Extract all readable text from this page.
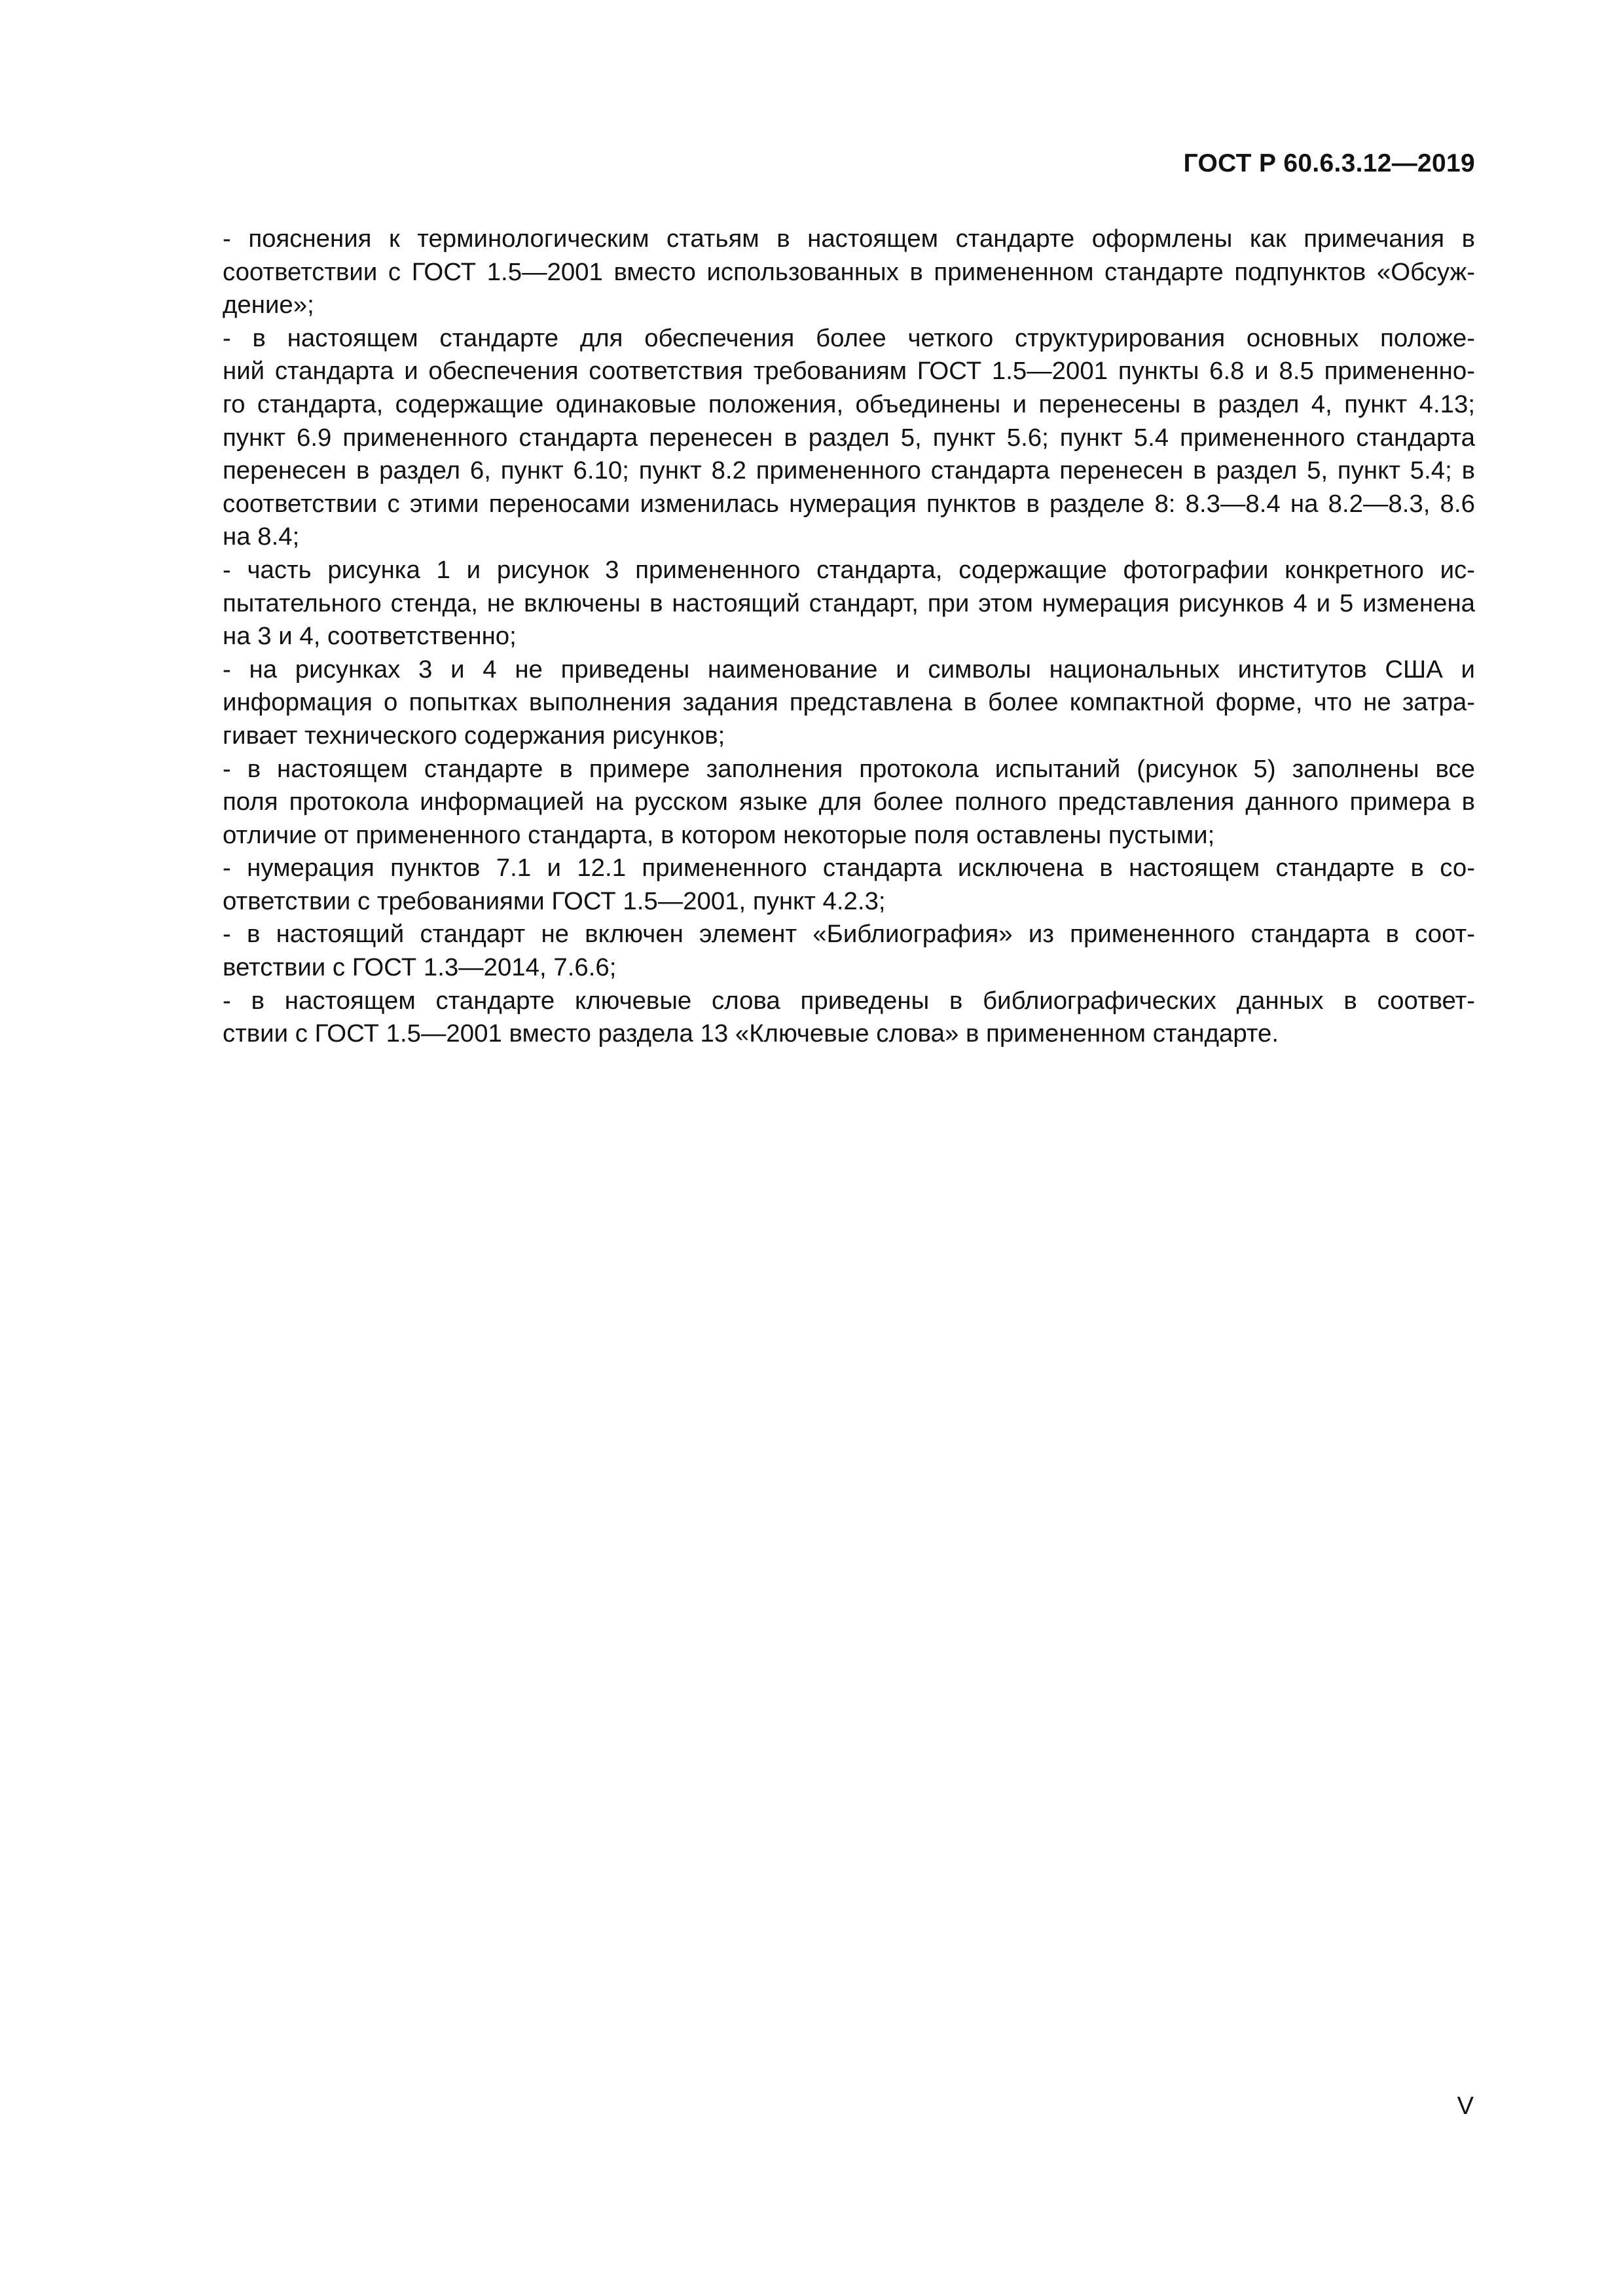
ГОСТ Р 60.6.3.12—2019
- пояснения к терминологическим статьям в настоящем стандарте оформлены как примечания в
соответствии с ГОСТ 1.5—2001 вместо использованных в примененном стандарте подпунктов «Обсуж-
дение»;
- в настоящем стандарте для обеспечения более четкого структурирования основных положе-
ний стандарта и обеспечения соответствия требованиям ГОСТ 1.5—2001 пункты 6.8 и 8.5 примененно-
го стандарта, содержащие одинаковые положения, объединены и перенесены в раздел 4, пункт 4.13;
пункт 6.9 примененного стандарта перенесен в раздел 5, пункт 5.6; пункт 5.4 примененного стандарта
перенесен в раздел 6, пункт 6.10; пункт 8.2 примененного стандарта перенесен в раздел 5, пункт 5.4; в
соответствии с этими переносами изменилась нумерация пунктов в разделе 8: 8.3—8.4 на 8.2—8.3, 8.6
на 8.4;
- часть рисунка 1 и рисунок 3 примененного стандарта, содержащие фотографии конкретного ис-
пытательного стенда, не включены в настоящий стандарт, при этом нумерация рисунков 4 и 5 изменена
на 3 и 4, соответственно;
- на рисунках 3 и 4 не приведены наименование и символы национальных институтов США и
информация о попытках выполнения задания представлена в более компактной форме, что не затра-
гивает технического содержания рисунков;
- в настоящем стандарте в примере заполнения протокола испытаний (рисунок 5) заполнены все
поля протокола информацией на русском языке для более полного представления данного примера в
отличие от примененного стандарта, в котором некоторые поля оставлены пустыми;
- нумерация пунктов 7.1 и 12.1 примененного стандарта исключена в настоящем стандарте в со-
ответствии с требованиями ГОСТ 1.5—2001, пункт 4.2.3;
- в настоящий стандарт не включен элемент «Библиография» из примененного стандарта в соот-
ветствии с ГОСТ 1.3—2014, 7.6.6;
- в настоящем стандарте ключевые слова приведены в библиографических данных в соответ-
ствии с ГОСТ 1.5—2001 вместо раздела 13 «Ключевые слова» в примененном стандарте.
V
